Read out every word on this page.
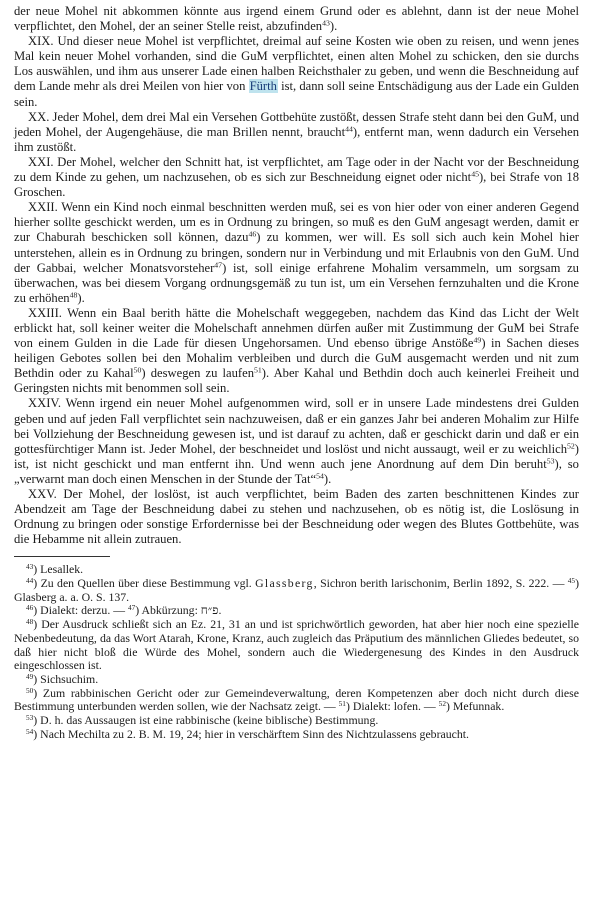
der neue Mohel nit abkommen könnte aus irgend einem Grund oder es ablehnt, dann ist der neue Mohel verpflichtet, den Mohel, der an seiner Stelle reist, abzufinden$^{43}$).

XIX. Und dieser neue Mohel ist verpflichtet, dreimal auf seine Kosten wie oben zu reisen, und wenn jenes Mal kein neuer Mohel vorhanden, sind die GuM verpflichtet, einen alten Mohel zu schicken, den sie durchs Los auswählen, und ihm aus unserer Lade einen halben Reichsthaler zu geben, und wenn die Beschneidung auf dem Lande mehr als drei Meilen von hier von Fürth ist, dann soll seine Entschädigung aus der Lade ein Gulden sein.

XX. Jeder Mohel, dem drei Mal ein Versehen Gottbehüte zustößt, dessen Strafe steht dann bei den GuM, und jeden Mohel, der Augengehäuse, die man Brillen nennt, braucht$^{44}$), entfernt man, wenn dadurch ein Versehen ihm zustößt.

XXI. Der Mohel, welcher den Schnitt hat, ist verpflichtet, am Tage oder in der Nacht vor der Beschneidung zu dem Kinde zu gehen, um nachzusehen, ob es sich zur Beschneidung eignet oder nicht$^{45}$), bei Strafe von 18 Groschen.

XXII. Wenn ein Kind noch einmal beschnitten werden muß, sei es von hier oder von einer anderen Gegend hierher sollte geschickt werden, um es in Ordnung zu bringen, so muß es den GuM angesagt werden, damit er zur Chaburah beschicken soll können, dazu$^{46}$) zu kommen, wer will. Es soll sich auch kein Mohel hier unterstehen, allein es in Ordnung zu bringen, sondern nur in Verbindung und mit Erlaubnis von den GuM. Und der Gabbai, welcher Monatsvorsteher$^{47}$) ist, soll einige erfahrene Mohalim versammeln, um sorgsam zu überwachen, was bei diesem Vorgang ordnungsgemäß zu tun ist, um ein Versehen fernzuhalten und die Krone zu erhöhen$^{48}$).

XXIII. Wenn ein Baal berith hätte die Mohelschaft weggegeben, nachdem das Kind das Licht der Welt erblickt hat, soll keiner weiter die Mohelschaft annehmen dürfen außer mit Zustimmung der GuM bei Strafe von einem Gulden in die Lade für diesen Ungehorsamen. Und ebenso übrige Anstöße$^{49}$) in Sachen dieses heiligen Gebotes sollen bei den Mohalim verbleiben und durch die GuM ausgemacht werden und nit zum Bethdin oder zu Kahal$^{50}$) deswegen zu laufen$^{51}$). Aber Kahal und Bethdin doch auch keinerlei Freiheit und Geringsten nichts mit benommen soll sein.

XXIV. Wenn irgend ein neuer Mohel aufgenommen wird, soll er in unsere Lade mindestens drei Gulden geben und auf jeden Fall verpflichtet sein nachzuweisen, daß er ein ganzes Jahr bei anderen Mohalim zur Hilfe bei Vollziehung der Beschneidung gewesen ist, und ist darauf zu achten, daß er geschickt darin und daß er ein gottesfürchtiger Mann ist. Jeder Mohel, der beschneidet und loslöst und nicht aussaugt, weil er zu weichlich$^{52}$) ist, ist nicht geschickt und man entfernt ihn. Und wenn auch jene Anordnung auf dem Din beruht$^{53}$), so „verwarnt man doch einen Menschen in der Stunde der Tat“$^{54}$).

XXV. Der Mohel, der loslöst, ist auch verpflichtet, beim Baden des zarten beschnittenen Kindes zur Abendzeit am Tage der Beschneidung dabei zu stehen und nachzusehen, ob es nötig ist, die Loslösung in Ordnung zu bringen oder sonstige Erfordernisse bei der Beschneidung oder wegen des Blutes Gottbehüte, was die Hebamme nit allein zutrauen.

$^{43}$) Lesallek.

$^{44}$) Zu den Quellen über diese Bestimmung vgl. Glassberg, Sichron berith larischonim, Berlin 1892, S. 222. — $^{45}$) Glasberg a. a. O. S. 137.

$^{46}$) Dialekt: derzu. — $^{47}$) Abkürzung: פ״ח.

$^{48}$) Der Ausdruck schließt sich an Ez. 21, 31 an und ist sprichwörtlich geworden, hat aber hier noch eine spezielle Nebenbedeutung, da das Wort Atarah, Krone, Kranz, auch zugleich das Präputium des männlichen Gliedes bedeutet, so daß hier nicht bloß die Würde des Mohel, sondern auch die Wiedergenesung des Kindes in den Ausdruck eingeschlossen ist.

$^{49}$) Sichsuchim.

$^{50}$) Zum rabbinischen Gericht oder zur Gemeindeverwaltung, deren Kompetenzen aber doch nicht durch diese Bestimmung unterbunden werden sollen, wie der Nachsatz zeigt. — $^{51}$) Dialekt: lofen. — $^{52}$) Mefunnak.

$^{53}$) D. h. das Aussaugen ist eine rabbinische (keine biblische) Bestimmung.

$^{54}$) Nach Mechilta zu 2. B. M. 19, 24; hier in verschärftem Sinn des Nichtzulassens gebraucht.
